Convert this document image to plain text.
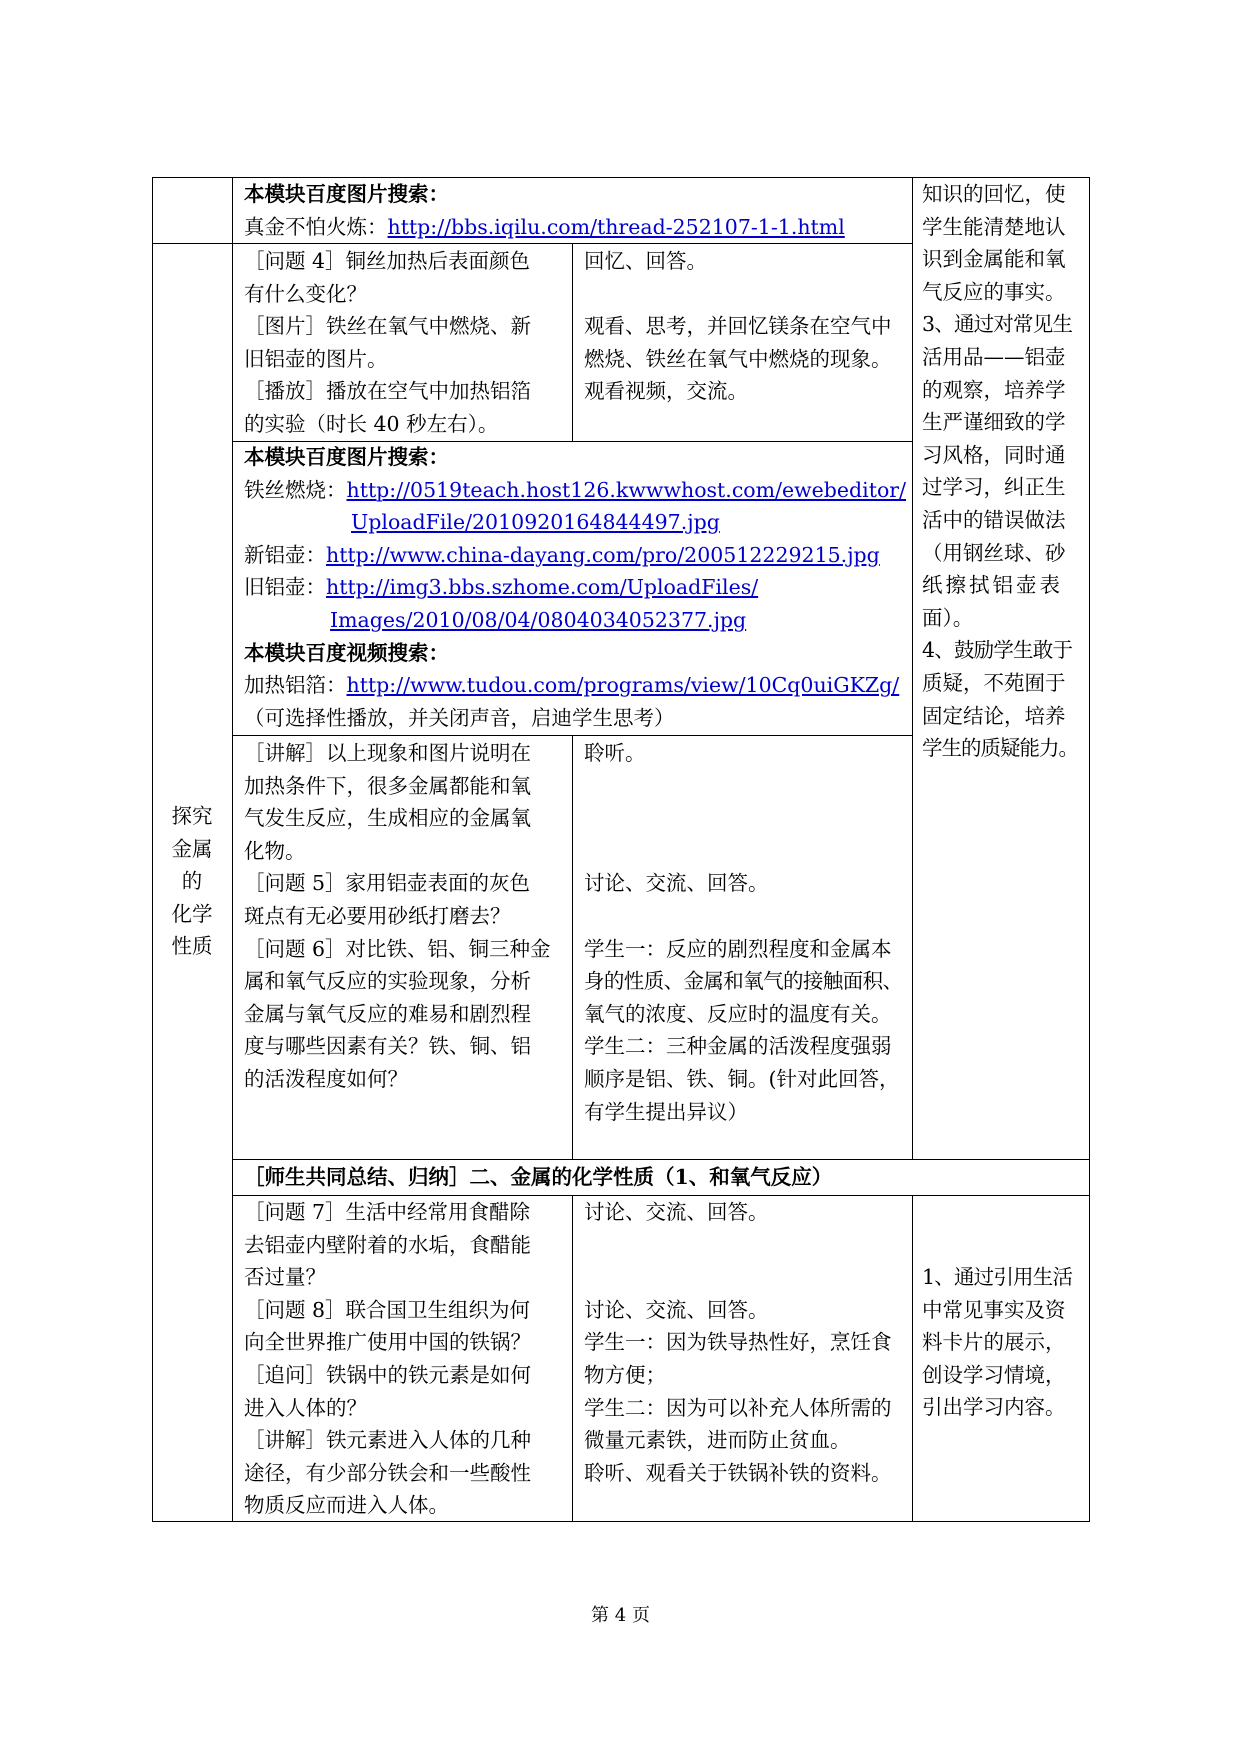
探究
金属
的
化学
性质
本模块百度图片搜索：
真金不怕火炼：http://bbs.iqilu.com/thread-252107-1-1.html
［问题 4］铜丝加热后表面颜色
有什么变化？
［图片］铁丝在氧气中燃烧、新
旧铝壶的图片。
［播放］播放在空气中加热铝箔
的实验（时长 40 秒左右）。
回忆、回答。
观看、思考，并回忆镁条在空气中
燃烧、铁丝在氧气中燃烧的现象。
观看视频，交流。
本模块百度图片搜索：
铁丝燃烧：http://0519teach.host126.kwwwhost.com/ewebeditor/
UploadFile/2010920164844497.jpg
新铝壶：http://www.china-dayang.com/pro/200512229215.jpg
旧铝壶：http://img3.bbs.szhome.com/UploadFiles/
Images/2010/08/04/0804034052377.jpg
本模块百度视频搜索：
加热铝箔：http://www.tudou.com/programs/view/10Cq0uiGKZg/
（可选择性播放，并关闭声音，启迪学生思考）
［讲解］以上现象和图片说明在
加热条件下，很多金属都能和氧
气发生反应，生成相应的金属氧
化物。
［问题 5］家用铝壶表面的灰色
斑点有无必要用砂纸打磨去？
［问题 6］对比铁、铝、铜三种金
属和氧气反应的实验现象，分析
金属与氧气反应的难易和剧烈程
度与哪些因素有关？铁、铜、铝
的活泼程度如何？
聆听。
讨论、交流、回答。
学生一：反应的剧烈程度和金属本
身的性质、金属和氧气的接触面积、
氧气的浓度、反应时的温度有关。
学生二：三种金属的活泼程度强弱
顺序是铝、铁、铜。(针对此回答，
有学生提出异议）
知识的回忆，使
学生能清楚地认
识到金属能和氧
气反应的事实。
3、通过对常见生
活用品——铝壶
的观察，培养学
生严谨细致的学
习风格，同时通
过学习，纠正生
活中的错误做法
（用钢丝球、砂
纸擦拭铝壶表
面）。
4、鼓励学生敢于
质疑，不苑囿于
固定结论，培养
学生的质疑能力。
［师生共同总结、归纳］二、金属的化学性质（1、和氧气反应）
［问题 7］生活中经常用食醋除
去铝壶内壁附着的水垢，食醋能
否过量？
［问题 8］联合国卫生组织为何
向全世界推广使用中国的铁锅？
［追问］铁锅中的铁元素是如何
进入人体的？
［讲解］铁元素进入人体的几种
途径，有少部分铁会和一些酸性
物质反应而进入人体。
讨论、交流、回答。
讨论、交流、回答。
学生一：因为铁导热性好，烹饪食
物方便；
学生二：因为可以补充人体所需的
微量元素铁，进而防止贫血。
聆听、观看关于铁锅补铁的资料。
1、通过引用生活
中常见事实及资
料卡片的展示，
创设学习情境，
引出学习内容。
第 4 页
